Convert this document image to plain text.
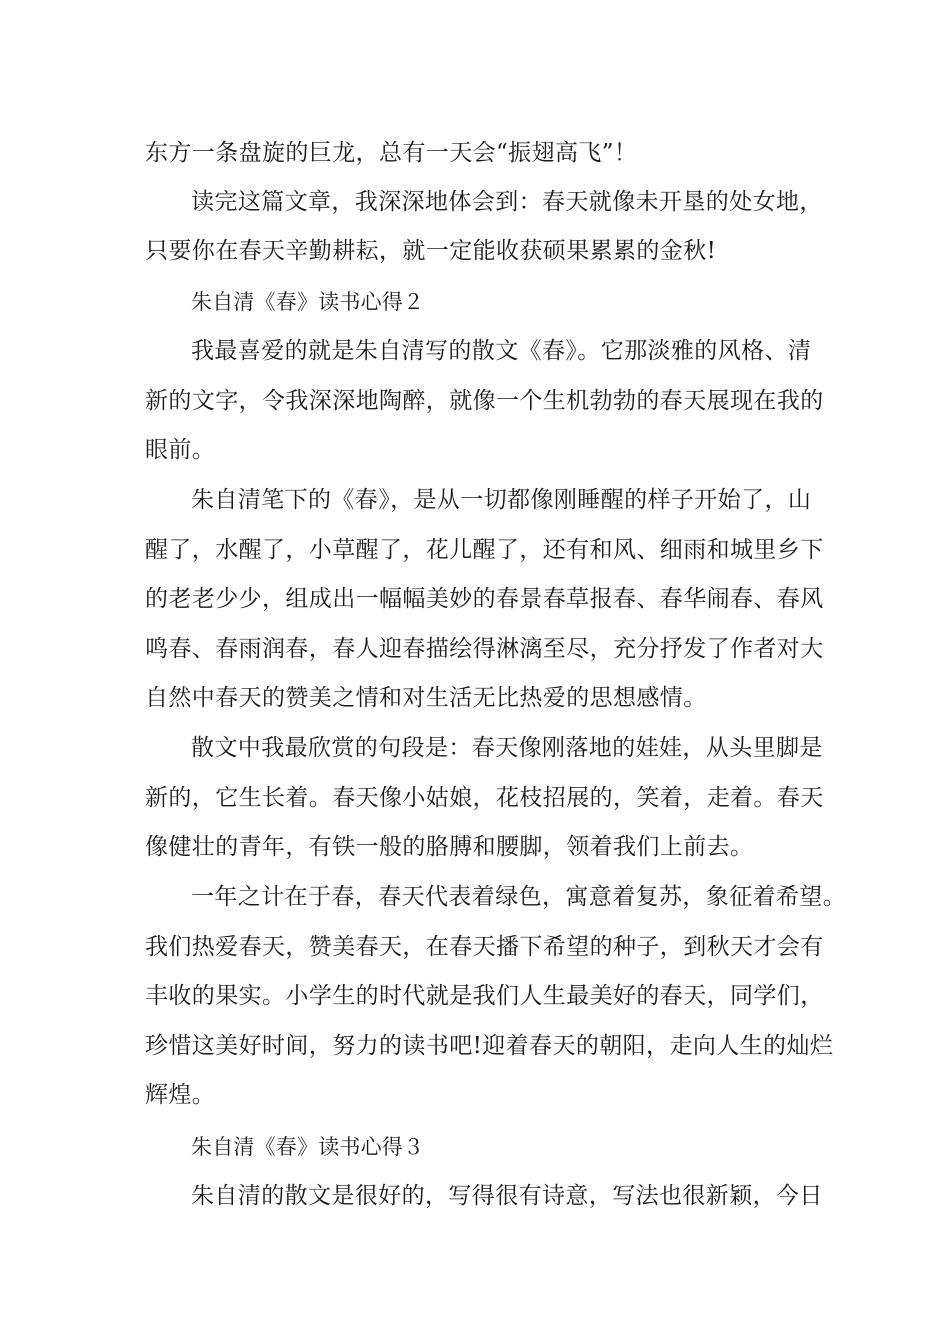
东方一条盘旋的巨龙，总有一天会“振翅高飞”！
读完这篇文章，我深深地体会到：春天就像未开垦的处女地，
只要你在春天辛勤耕耘，就一定能收获硕果累累的金秋!
朱自清《春》读书心得２
我最喜爱的就是朱自清写的散文《春》。它那淡雅的风格、清
新的文字，令我深深地陶醉，就像一个生机勃勃的春天展现在我的
眼前。
朱自清笔下的《春》，是从一切都像刚睡醒的样子开始了，山
醒了，水醒了，小草醒了，花儿醒了，还有和风、细雨和城里乡下
的老老少少，组成出一幅幅美妙的春景春草报春、春华闹春、春风
鸣春、春雨润春，春人迎春描绘得淋漓至尽，充分抒发了作者对大
自然中春天的赞美之情和对生活无比热爱的思想感情。
散文中我最欣赏的句段是：春天像刚落地的娃娃，从头里脚是
新的，它生长着。春天像小姑娘，花枝招展的，笑着，走着。春天
像健壮的青年，有铁一般的胳膊和腰脚，领着我们上前去。
一年之计在于春，春天代表着绿色，寓意着复苏，象征着希望。
我们热爱春天，赞美春天，在春天播下希望的种子，到秋天才会有
丰收的果实。小学生的时代就是我们人生最美好的春天，同学们，
珍惜这美好时间，努力的读书吧!迎着春天的朝阳，走向人生的灿烂
辉煌。
朱自清《春》读书心得３
朱自清的散文是很好的，写得很有诗意，写法也很新颖，今日
